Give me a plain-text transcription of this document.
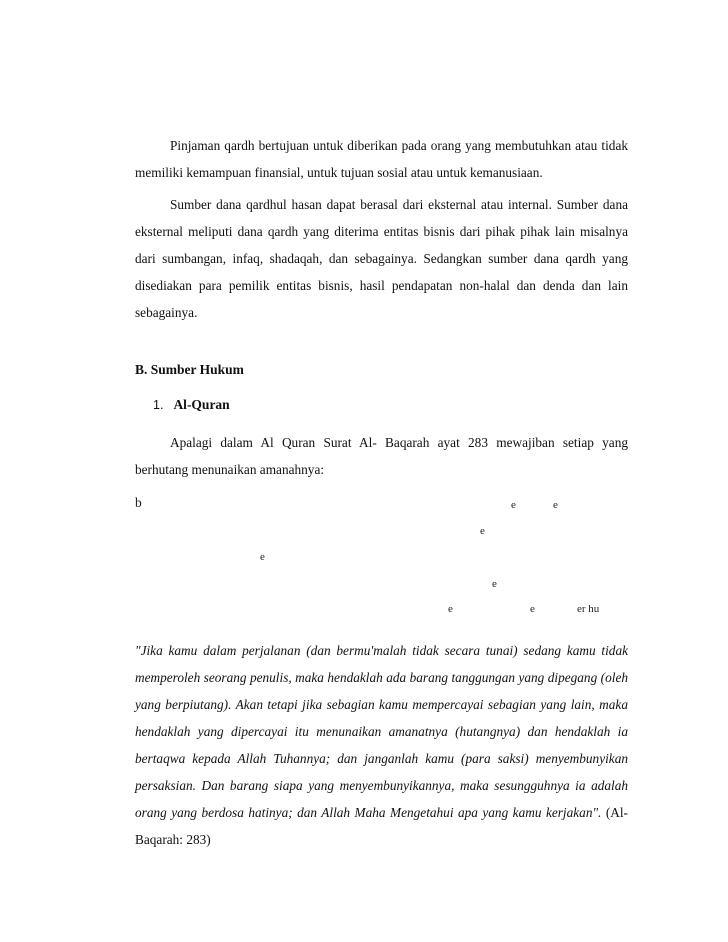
Pinjaman qardh bertujuan untuk diberikan pada orang yang membutuhkan atau tidak memiliki kemampuan finansial, untuk tujuan sosial atau untuk kemanusiaan.

Sumber dana qardhul hasan dapat berasal dari eksternal atau internal. Sumber dana eksternal meliputi dana qardh yang diterima entitas bisnis dari pihak pihak lain misalnya dari sumbangan, infaq, shadaqah, dan sebagainya. Sedangkan sumber dana qardh yang disediakan para pemilik entitas bisnis, hasil pendapatan non-halal dan denda dan lain sebagainya.

B. Sumber Hukum
1. Al-Quran

Apalagi dalam Al Quran Surat Al- Baqarah ayat 283 mewajiban setiap yang berhutang menunaikan amanahnya:

b	e	e
e
e
e
e	e	er hu

"Jika kamu dalam perjalanan (dan bermu'malah tidak secara tunai) sedang kamu tidak memperoleh seorang penulis, maka hendaklah ada barang tanggungan yang dipegang (oleh yang berpiutang). Akan tetapi jika sebagian kamu mempercayai sebagian yang lain, maka hendaklah yang dipercayai itu menunaikan amanatnya (hutangnya) dan hendaklah ia bertaqwa kepada Allah Tuhannya; dan janganlah kamu (para saksi) menyembunyikan persaksian. Dan barang siapa yang menyembunyikannya, maka sesungguhnya ia adalah orang yang berdosa hatinya; dan Allah Maha Mengetahui apa yang kamu kerjakan". (Al-Baqarah: 283)
